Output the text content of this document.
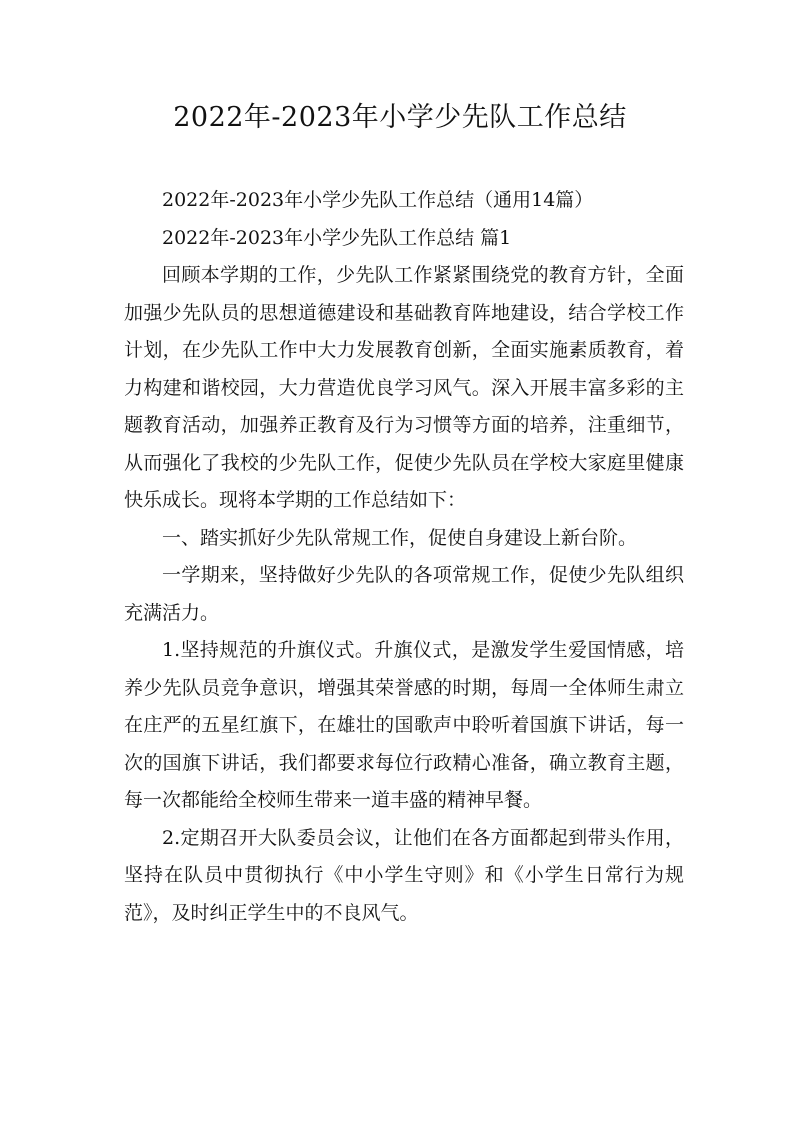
2022年-2023年小学少先队工作总结

2022年-2023年小学少先队工作总结（通用14篇）

2022年-2023年小学少先队工作总结 篇1

回顾本学期的工作，少先队工作紧紧围绕党的教育方针，全面加强少先队员的思想道德建设和基础教育阵地建设，结合学校工作计划，在少先队工作中大力发展教育创新，全面实施素质教育，着力构建和谐校园，大力营造优良学习风气。深入开展丰富多彩的主题教育活动，加强养正教育及行为习惯等方面的培养，注重细节，从而强化了我校的少先队工作，促使少先队员在学校大家庭里健康快乐成长。现将本学期的工作总结如下：

一、踏实抓好少先队常规工作，促使自身建设上新台阶。

一学期来，坚持做好少先队的各项常规工作，促使少先队组织充满活力。

1.坚持规范的升旗仪式。升旗仪式，是激发学生爱国情感，培养少先队员竞争意识，增强其荣誉感的时期，每周一全体师生肃立在庄严的五星红旗下，在雄壮的国歌声中聆听着国旗下讲话，每一次的国旗下讲话，我们都要求每位行政精心准备，确立教育主题，每一次都能给全校师生带来一道丰盛的精神早餐。

2.定期召开大队委员会议，让他们在各方面都起到带头作用，坚持在队员中贯彻执行《中小学生守则》和《小学生日常行为规范》，及时纠正学生中的不良风气。
